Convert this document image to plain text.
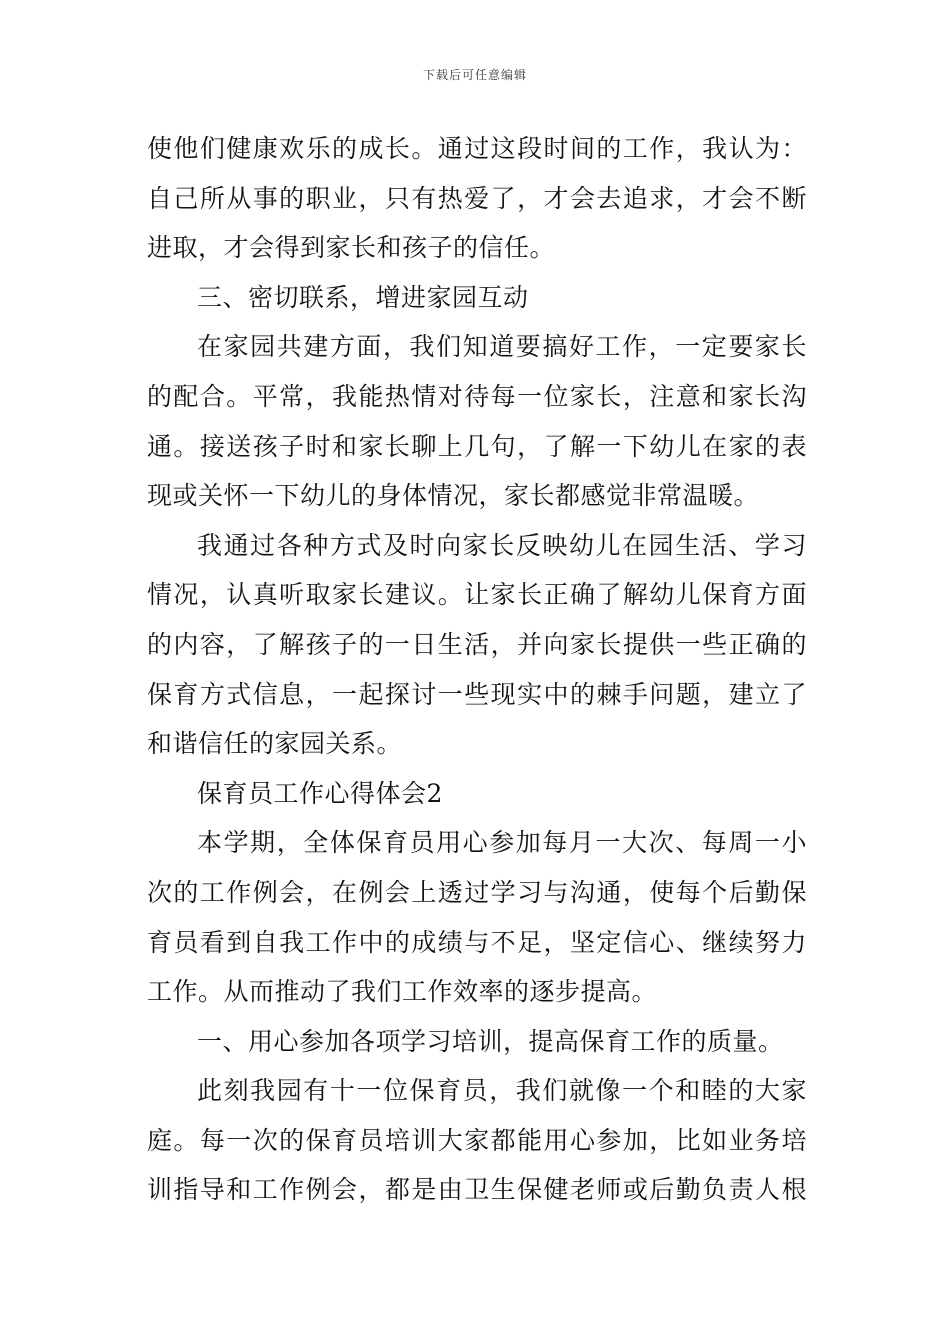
下载后可任意编辑
使他们健康欢乐的成长。通过这段时间的工作，我认为：
自己所从事的职业，只有热爱了，才会去追求，才会不断
进取，才会得到家长和孩子的信任。
三、密切联系，增进家园互动
在家园共建方面，我们知道要搞好工作，一定要家长
的配合。平常，我能热情对待每一位家长，注意和家长沟
通。接送孩子时和家长聊上几句，了解一下幼儿在家的表
现或关怀一下幼儿的身体情况，家长都感觉非常温暖。
我通过各种方式及时向家长反映幼儿在园生活、学习
情况，认真听取家长建议。让家长正确了解幼儿保育方面
的内容，了解孩子的一日生活，并向家长提供一些正确的
保育方式信息，一起探讨一些现实中的棘手问题，建立了
和谐信任的家园关系。
保育员工作心得体会2
本学期，全体保育员用心参加每月一大次、每周一小
次的工作例会，在例会上透过学习与沟通，使每个后勤保
育员看到自我工作中的成绩与不足，坚定信心、继续努力
工作。从而推动了我们工作效率的逐步提高。
一、用心参加各项学习培训，提高保育工作的质量。
此刻我园有十一位保育员，我们就像一个和睦的大家
庭。每一次的保育员培训大家都能用心参加，比如业务培
训指导和工作例会，都是由卫生保健老师或后勤负责人根
